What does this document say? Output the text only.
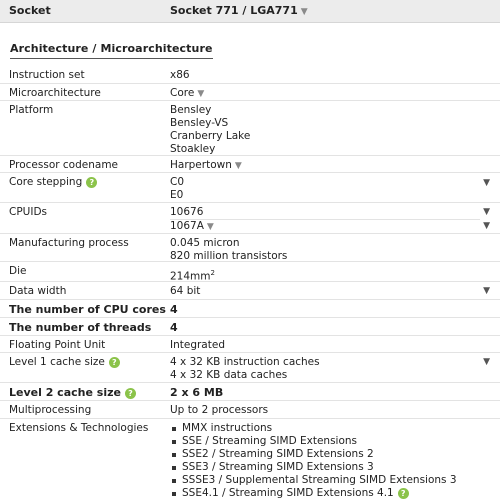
Socket	Socket 771 / LGA771 ▼
Architecture / Microarchitecture
Instruction set	x86
Microarchitecture	Core ▼
Platform	Bensley
Bensley-VS
Cranberry Lake
Stoakley
Processor codename	Harpertown ▼
Core stepping ?	C0
E0
▼
CPUIDs	10676
1067A ▼
▼
▼
Manufacturing process	0.045 micron
820 million transistors
Die	$214mm^2$
Data width	64 bit	▼
The number of CPU cores 4
The number of threads 4
Floating Point Unit	Integrated
Level 1 cache size ?	4 x 32 KB instruction caches
4 x 32 KB data caches
▼
Level 2 cache size ?	2 x 6 MB
Multiprocessing	Up to 2 processors
Extensions & Technologies	MMX instructions
SSE / Streaming SIMD Extensions
SSE2 / Streaming SIMD Extensions 2
SSE3 / Streaming SIMD Extensions 3
SSSE3 / Supplemental Streaming SIMD Extensions 3
SSE4.1 / Streaming SIMD Extensions 4.1 ?
